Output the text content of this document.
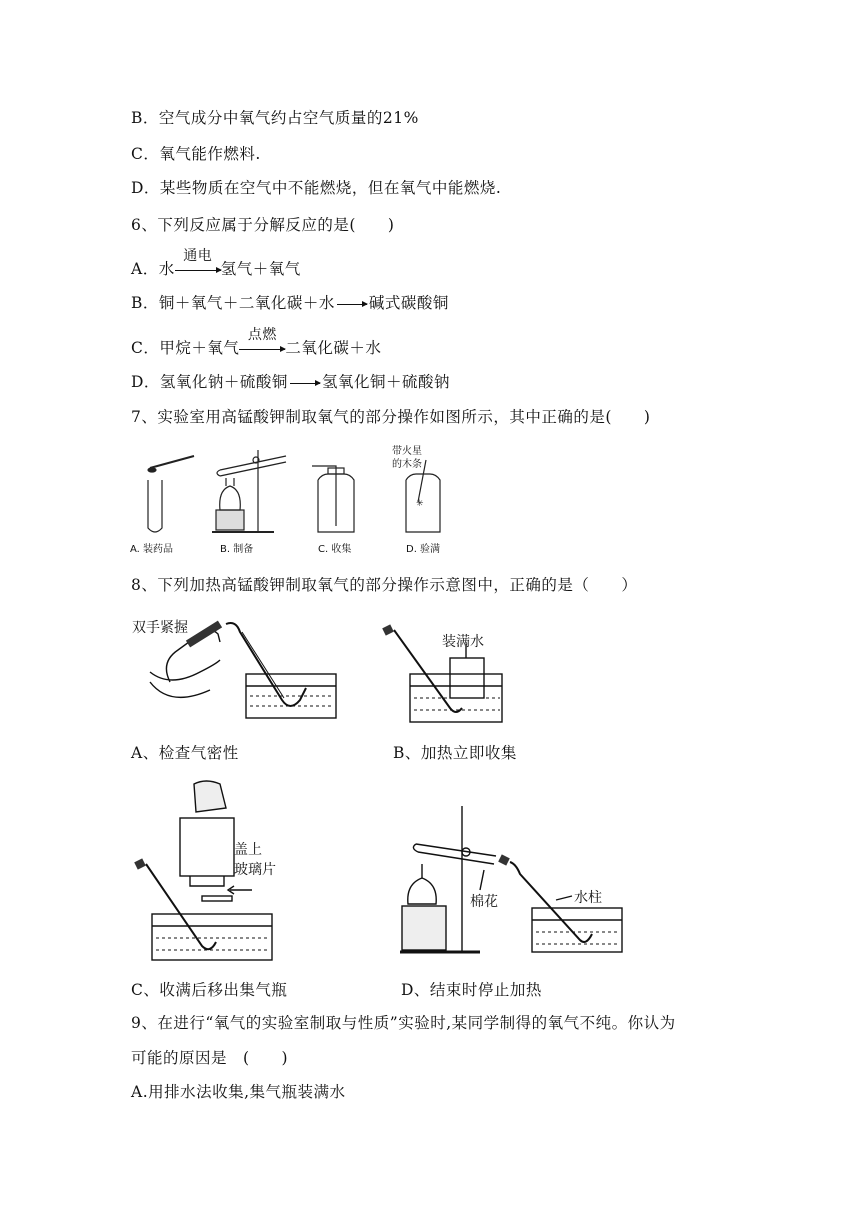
B．空气成分中氧气约占空气质量的21%
C．氧气能作燃料.
D．某些物质在空气中不能燃烧，但在氧气中能燃烧.
6、下列反应属于分解反应的是(　　)
A．水
通电
氢气＋氧气
B．铜＋氧气＋二氧化碳＋水 → 碱式碳酸铜
C．甲烷＋氧气
点燃
二氧化碳＋水
D．氢氧化钠＋硫酸铜 → 氢氧化铜＋硫酸钠
7、实验室用高锰酸钾制取氧气的部分操作如图所示，其中正确的是(　　)
✳
带火星
的木条
A. 装药品	B. 制备	C. 收集	D. 验满
8、下列加热高锰酸钾制取氧气的部分操作示意图中，正确的是（　　）
双手紧握
装满水
A、检查气密性	B、加热立即收集
盖上
玻璃片
棉花	水柱
C、收满后移出集气瓶	D、结束时停止加热
9、在进行“氧气的实验室制取与性质”实验时,某同学制得的氧气不纯。你认为
可能的原因是　(　　)
A.用排水法收集,集气瓶装满水
